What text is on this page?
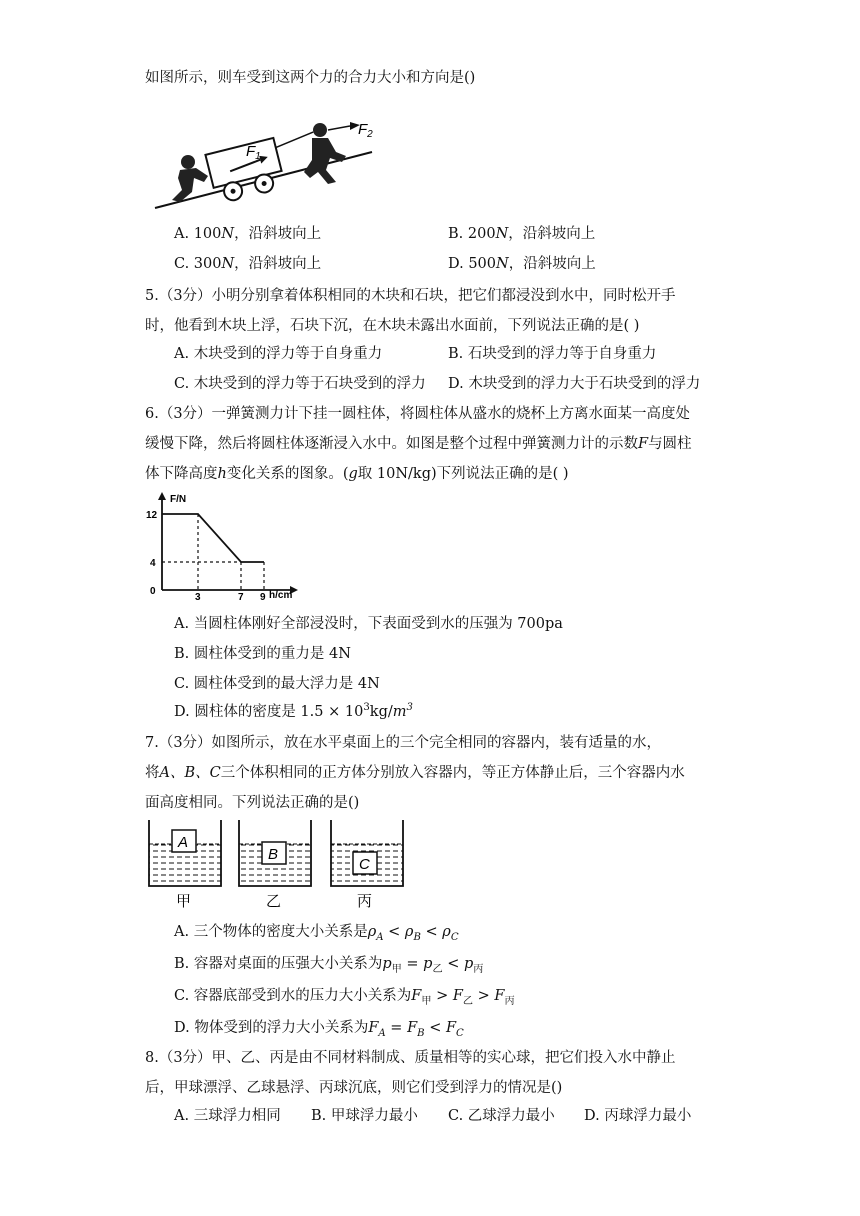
如图所示，则车受到这两个力的合力大小和方向是()
$F_1$
$F_2$
A. 100N，沿斜坡向上	B. 200N，沿斜坡向上
C. 300N，沿斜坡向上	D. 500N，沿斜坡向上
5.（3分）小明分别拿着体积相同的木块和石块，把它们都浸没到水中，同时松开手
时，他看到木块上浮，石块下沉，在木块未露出水面前，下列说法正确的是( )
A. 木块受到的浮力等于自身重力	B. 石块受到的浮力等于自身重力
C. 木块受到的浮力等于石块受到的浮力 D. 木块受到的浮力大于石块受到的浮力
6.（3分）一弹簧测力计下挂一圆柱体，将圆柱体从盛水的烧杯上方离水面某一高度处
缓慢下降，然后将圆柱体逐渐浸入水中。如图是整个过程中弹簧测力计的示数F与圆柱
体下降高度h变化关系的图象。(g取 10N/kg)下列说法正确的是( )
F/N
12
4
0
3	7 9 h/cm
A. 当圆柱体刚好全部浸没时，下表面受到水的压强为 700pa
B. 圆柱体受到的重力是 4N
C. 圆柱体受到的最大浮力是 4N
D. 圆柱体的密度是 $1.5 \times 10^3kg/m^3$
7.（3分）如图所示，放在水平桌面上的三个完全相同的容器内，装有适量的水，
将A、B、C三个体积相同的正方体分别放入容器内，等正方体静止后，三个容器内水
面高度相同。下列说法正确的是()
A
甲
B
乙
C
丙
A. 三个物体的密度大小关系是$\rho_A < \rho_B < \rho_C$
B. 容器对桌面的压强大小关系为$p_甲 = p_乙 < p_丙$
C. 容器底部受到水的压力大小关系为$F_甲 > F_乙 > F_丙$
D. 物体受到的浮力大小关系为$F_A = F_B < F_C$
8.（3分）甲、乙、丙是由不同材料制成、质量相等的实心球，把它们投入水中静止
后，甲球漂浮、乙球悬浮、丙球沉底，则它们受到浮力的情况是()
A. 三球浮力相同 B. 甲球浮力最小 C. 乙球浮力最小 D. 丙球浮力最小
